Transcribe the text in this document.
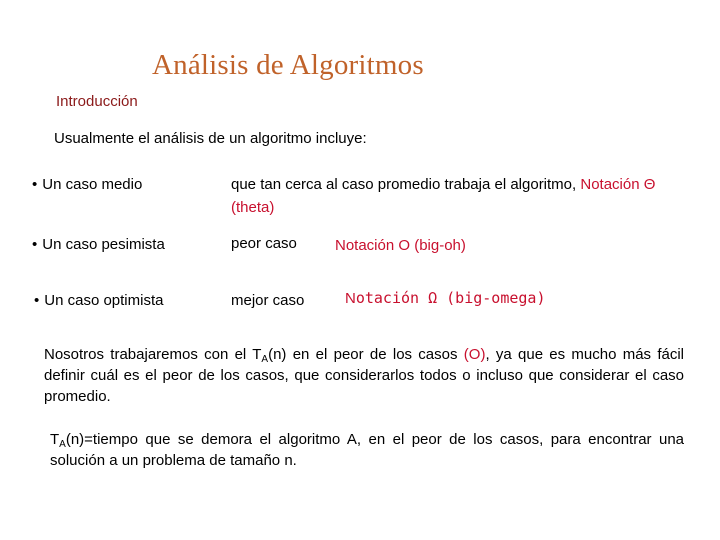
Análisis de Algoritmos
Introducción
Usualmente el análisis de un algoritmo incluye:
• Un caso medio	que tan cerca al caso promedio trabaja el algoritmo, Notación Θ
(theta)
• Un caso pesimista	peor caso	Notación O (big-oh)
• Un caso optimista	mejor caso	Notación Ω (big-omega)
Nosotros trabajaremos con el $T_A(n)$ en el peor de los casos (O), ya que es mucho más fácil definir cuál es el peor de los casos, que considerarlos todos o incluso que considerar el caso promedio.
$T_A(n)=tiempo$ que se demora el algoritmo A, en el peor de los casos, para encontrar una solución a un problema de tamaño n.
